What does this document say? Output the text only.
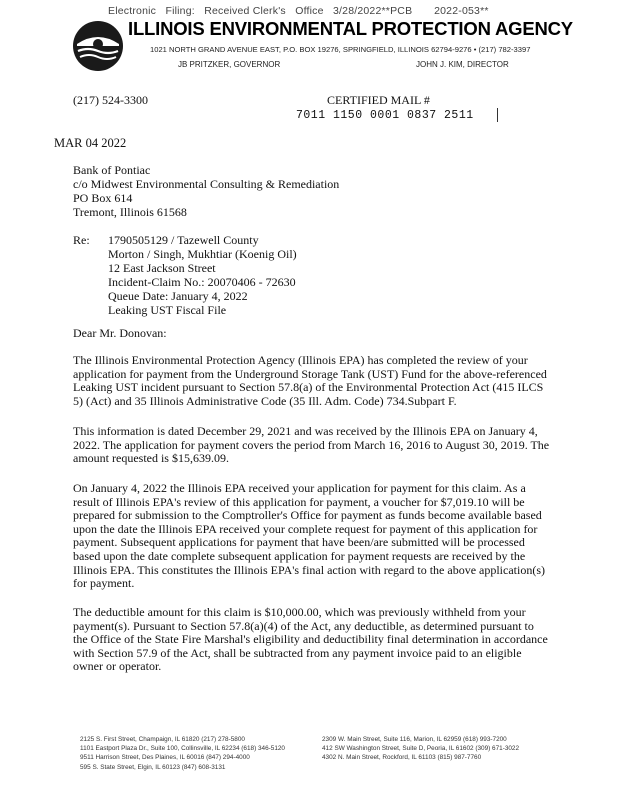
Electronic   Filing:   Received Clerk's   Office   3/28/2022**PCB       2022-053**
ILLINOIS ENVIRONMENTAL PROTECTION AGENCY
1021 NORTH GRAND AVENUE EAST, P.O. BOX 19276, SPRINGFIELD, ILLINOIS 62794-9276 • (217) 782-3397
JB PRITZKER, GOVERNOR	JOHN J. KIM, DIRECTOR
(217) 524-3300	CERTIFIED MAIL #
7011 1150 0001 0837 2511
MAR 04 2022
Bank of Pontiac
c/o Midwest Environmental Consulting & Remediation
PO Box 614
Tremont, Illinois 61568
Re: 1790505129 / Tazewell County
Morton / Singh, Mukhtiar (Koenig Oil)
12 East Jackson Street
Incident-Claim No.: 20070406 - 72630
Queue Date: January 4, 2022
Leaking UST Fiscal File
Dear Mr. Donovan:
The Illinois Environmental Protection Agency (Illinois EPA) has completed the review of your application for payment from the Underground Storage Tank (UST) Fund for the above-referenced Leaking UST incident pursuant to Section 57.8(a) of the Environmental Protection Act (415 ILCS 5) (Act) and 35 Illinois Administrative Code (35 Ill. Adm. Code) 734.Subpart F.
This information is dated December 29, 2021 and was received by the Illinois EPA on January 4, 2022. The application for payment covers the period from March 16, 2016 to August 30, 2019. The amount requested is $15,639.09.
On January 4, 2022 the Illinois EPA received your application for payment for this claim. As a result of Illinois EPA's review of this application for payment, a voucher for $7,019.10 will be prepared for submission to the Comptroller's Office for payment as funds become available based upon the date the Illinois EPA received your complete request for payment of this application for payment. Subsequent applications for payment that have been/are submitted will be processed based upon the date complete subsequent application for payment requests are received by the Illinois EPA. This constitutes the Illinois EPA's final action with regard to the above application(s) for payment.
The deductible amount for this claim is $10,000.00, which was previously withheld from your payment(s). Pursuant to Section 57.8(a)(4) of the Act, any deductible, as determined pursuant to the Office of the State Fire Marshal's eligibility and deductibility final determination in accordance with Section 57.9 of the Act, shall be subtracted from any payment invoice paid to an eligible owner or operator.
2125 S. First Street, Champaign, IL 61820 (217) 278-5800
1101 Eastport Plaza Dr., Suite 100, Collinsville, IL 62234 (618) 346-5120
9511 Harrison Street, Des Plaines, IL 60016 (847) 294-4000
595 S. State Street, Elgin, IL 60123 (847) 608-3131
2309 W. Main Street, Suite 116, Marion, IL 62959 (618) 993-7200
412 SW Washington Street, Suite D, Peoria, IL 61602 (309) 671-3022
4302 N. Main Street, Rockford, IL 61103 (815) 987-7760
